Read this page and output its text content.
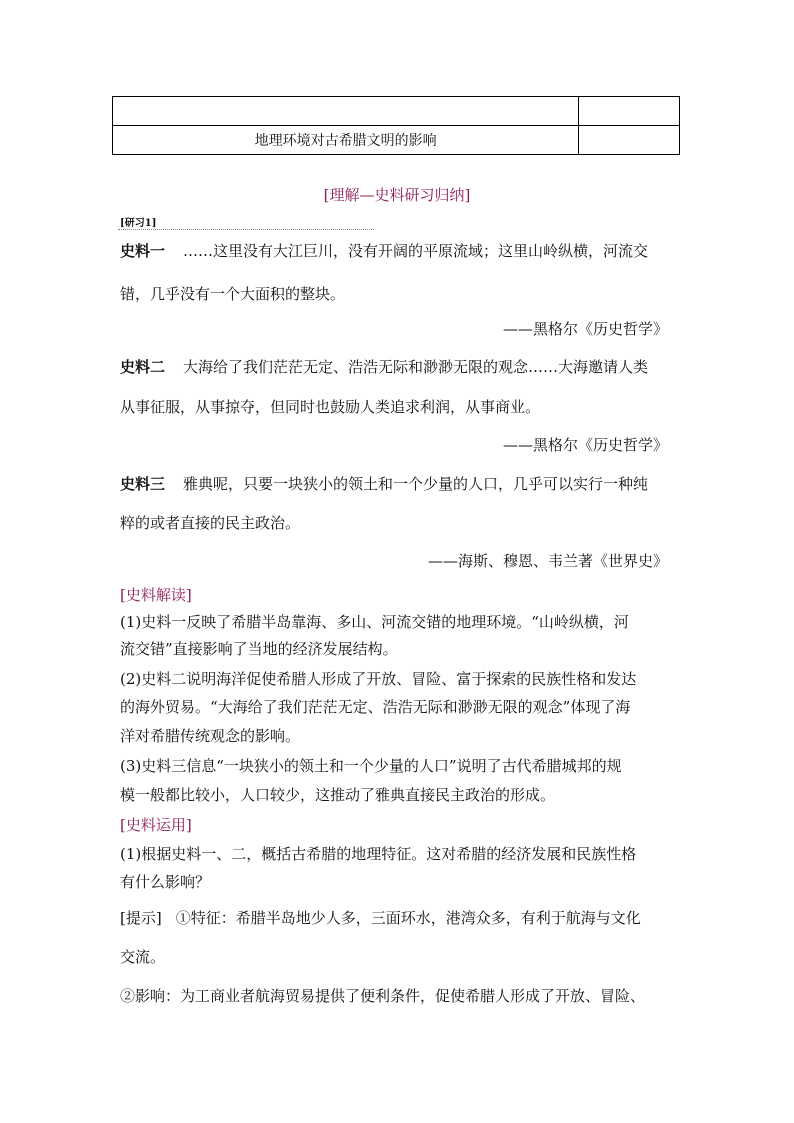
地理环境对古希腊文明的影响	
[理解—史料研习归纳]
[研习1]
史料一 ……这里没有大江巨川，没有开阔的平原流域；这里山岭纵横，河流交
错，几乎没有一个大面积的整块。
——黑格尔《历史哲学》
史料二 大海给了我们茫茫无定、浩浩无际和渺渺无限的观念……大海邀请人类
从事征服，从事掠夺，但同时也鼓励人类追求利润，从事商业。
——黑格尔《历史哲学》
史料三 雅典呢，只要一块狭小的领土和一个少量的人口，几乎可以实行一种纯
粹的或者直接的民主政治。
——海斯、穆恩、韦兰著《世界史》
[史料解读]
(1)史料一反映了希腊半岛靠海、多山、河流交错的地理环境。“山岭纵横，河
流交错”直接影响了当地的经济发展结构。
(2)史料二说明海洋促使希腊人形成了开放、冒险、富于探索的民族性格和发达
的海外贸易。“大海给了我们茫茫无定、浩浩无际和渺渺无限的观念”体现了海
洋对希腊传统观念的影响。
(3)史料三信息“一块狭小的领土和一个少量的人口”说明了古代希腊城邦的规
模一般都比较小，人口较少，这推动了雅典直接民主政治的形成。
[史料运用]
(1)根据史料一、二，概括古希腊的地理特征。这对希腊的经济发展和民族性格
有什么影响？
[提示] ①特征：希腊半岛地少人多，三面环水，港湾众多，有利于航海与文化
交流。
②影响：为工商业者航海贸易提供了便利条件，促使希腊人形成了开放、冒险、
